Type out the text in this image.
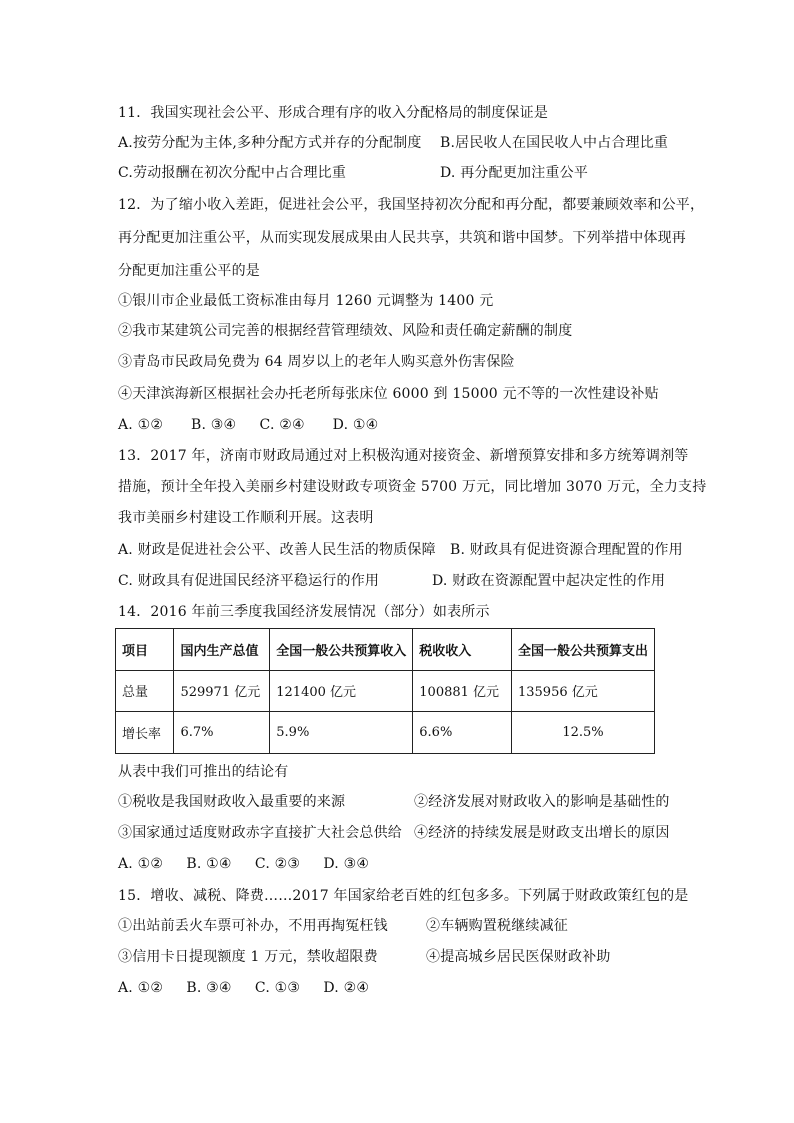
11．我国实现社会公平、形成合理有序的收入分配格局的制度保证是
A.按劳分配为主体,多种分配方式并存的分配制度 B.居民收人在国民收人中占合理比重
C.劳动报酬在初次分配中占合理比重	D. 再分配更加注重公平
12．为了缩小收入差距，促进社会公平，我国坚持初次分配和再分配，都要兼顾效率和公平，
再分配更加注重公平，从而实现发展成果由人民共享，共筑和谐中国梦。下列举措中体现再
分配更加注重公平的是
①银川市企业最低工资标准由每月 1260 元调整为 1400 元
②我市某建筑公司完善的根据经营管理绩效、风险和责任确定薪酬的制度
③青岛市民政局免费为 64 周岁以上的老年人购买意外伤害保险
④天津滨海新区根据社会办托老所每张床位 6000 到 15000 元不等的一次性建设补贴
A. ①②      B. ③④     C. ②④      D. ①④
13．2017 年，济南市财政局通过对上积极沟通对接资金、新增预算安排和多方统筹调剂等
措施，预计全年投入美丽乡村建设财政专项资金 5700 万元，同比增加 3070 万元，全力支持
我市美丽乡村建设工作顺利开展。这表明
A. 财政是促进社会公平、改善人民生活的物质保障 B. 财政具有促进资源合理配置的作用
C. 财政具有促进国民经济平稳运行的作用	D. 财政在资源配置中起决定性的作用
14．2016 年前三季度我国经济发展情况（部分）如表所示
项目	国内生产总值	全国一般公共预算收入	税收收入	全国一般公共预算支出
总量	529971 亿元	121400 亿元	100881 亿元	135956 亿元
增长率	6.7%	5.9%	6.6%	12.5%
从表中我们可推出的结论有
①税收是我国财政收入最重要的来源	②经济发展对财政收入的影响是基础性的
③国家通过适度财政赤字直接扩大社会总供给 ④经济的持续发展是财政支出增长的原因
A. ①②     B. ①④     C. ②③     D. ③④
15．增收、减税、降费……2017 年国家给老百姓的红包多多。下列属于财政政策红包的是
①出站前丢火车票可补办，不用再掏冤枉钱	②车辆购置税继续减征
③信用卡日提现额度 1 万元，禁收超限费	④提高城乡居民医保财政补助
A. ①②     B. ③④     C. ①③     D. ②④
